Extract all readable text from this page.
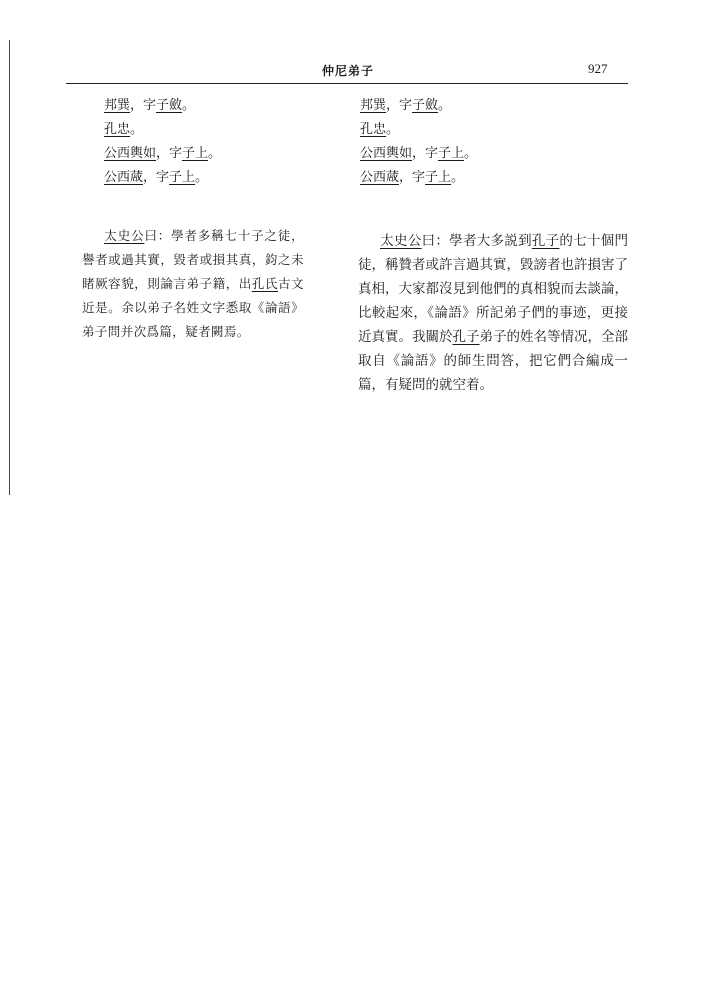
仲尼弟子	927
邦巽，字子斂。
孔忠。
公西輿如，字子上。
公西蒧，字子上。

太史公曰：學者多稱七十子之徒，譽者或過其實，毀者或損其真，鈞之未睹厥容貌，則論言弟子籍，出孔氏古文近是。余以弟子名姓文字悉取《論語》弟子問并次爲篇，疑者闕焉。

邦巽，字子斂。
孔忠。
公西輿如，字子上。
公西蒧，字子上。

太史公曰：學者大多説到孔子的七十個門徒，稱贊者或許言過其實，毀謗者也許損害了真相，大家都沒見到他們的真相貌而去談論，比較起來，《論語》所記弟子們的事迹，更接近真實。我關於孔子弟子的姓名等情况，全部取自《論語》的師生問答，把它們合編成一篇，有疑問的就空着。
